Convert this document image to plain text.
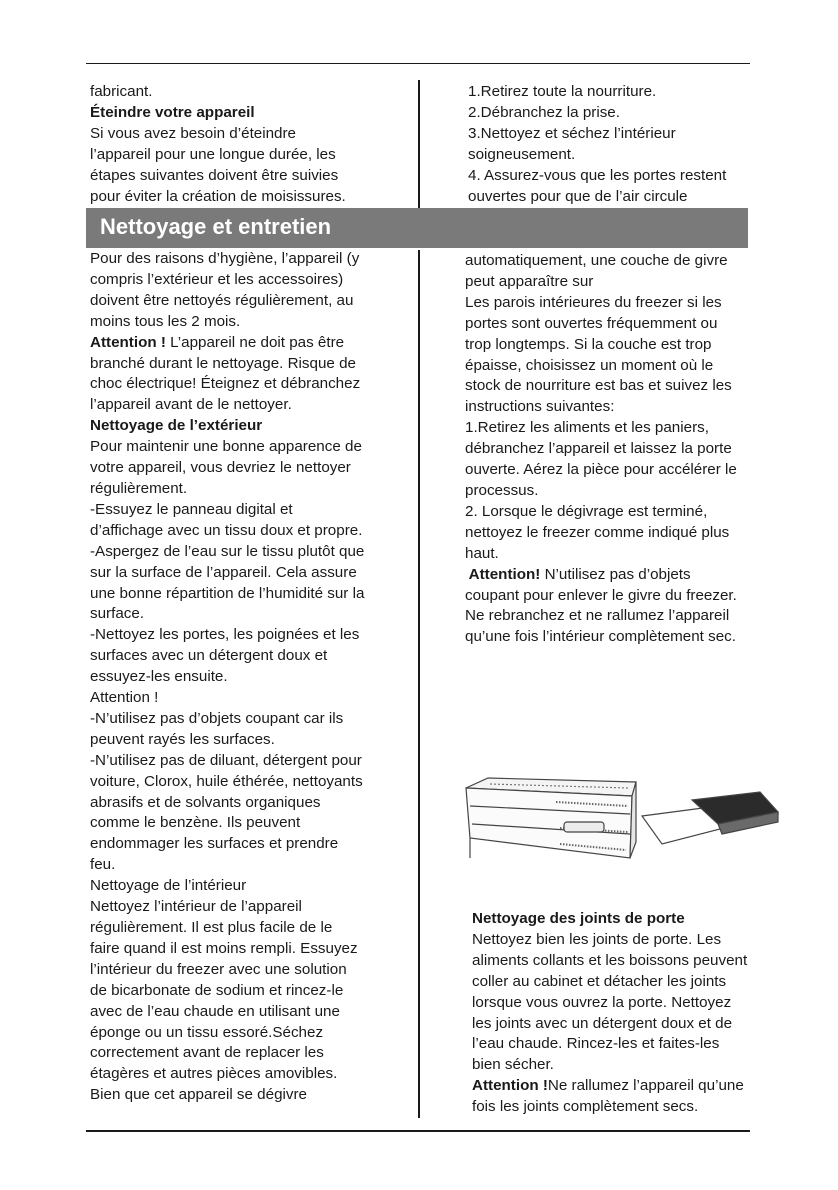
fabricant.
Éteindre votre appareil
Si vous avez besoin d’éteindre
l’appareil pour une longue durée, les
étapes suivantes doivent être suivies
pour éviter la création de moisissures.
1.Retirez toute la nourriture.
2.Débranchez la prise.
3.Nettoyez et séchez l’intérieur
soigneusement.
4. Assurez-vous que les portes restent
ouvertes pour que de l’air circule
Nettoyage et entretien
Pour des raisons d’hygiène, l’appareil (y
compris l’extérieur et les accessoires)
doivent être nettoyés régulièrement, au
moins tous les 2 mois.
Attention ! L’appareil ne doit pas être
branché durant le nettoyage. Risque de
choc électrique! Éteignez et débranchez
l’appareil avant de le nettoyer.
Nettoyage de l’extérieur
Pour maintenir une bonne apparence de
votre appareil, vous devriez le nettoyer
régulièrement.
-Essuyez le panneau digital et
d’affichage avec un tissu doux et propre.
-Aspergez de l’eau sur le tissu plutôt que
sur la surface de l’appareil. Cela assure
une bonne répartition de l’humidité sur la
surface.
-Nettoyez les portes, les poignées et les
surfaces avec un détergent doux et
essuyez-les ensuite.
Attention !
-N’utilisez pas d’objets coupant car ils
peuvent rayés les surfaces.
-N’utilisez pas de diluant, détergent pour
voiture, Clorox, huile éthérée, nettoyants
abrasifs et de solvants organiques
comme le benzène. Ils peuvent
endommager les surfaces et prendre
feu.
Nettoyage de l’intérieur
Nettoyez l’intérieur de l’appareil
régulièrement. Il est plus facile de le
faire quand il est moins rempli. Essuyez
l’intérieur du freezer avec une solution
de bicarbonate de sodium et rincez-le
avec de l’eau chaude en utilisant une
éponge ou un tissu essoré.Séchez
correctement avant de replacer les
étagères et autres pièces amovibles.
Bien que cet appareil se dégivre
automatiquement, une couche de givre
peut apparaître sur
Les parois intérieures du freezer si les
portes sont ouvertes fréquemment ou
trop longtemps. Si la couche est trop
épaisse, choisissez un moment où le
stock de nourriture est bas et suivez les
instructions suivantes:
1.Retirez les aliments et les paniers,
débranchez l’appareil et laissez la porte
ouverte. Aérez la pièce pour accélérer le
processus.
2. Lorsque le dégivrage est terminé,
nettoyez le freezer comme indiqué plus
haut.
Attention! N’utilisez pas d’objets
coupant pour enlever le givre du freezer.
Ne rebranchez et ne rallumez l’appareil
qu’une fois l’intérieur complètement sec.
Nettoyage des joints de porte
Nettoyez bien les joints de porte. Les
aliments collants et les boissons peuvent
coller au cabinet et détacher les joints
lorsque vous ouvrez la porte. Nettoyez
les joints avec un détergent doux et de
l’eau chaude. Rincez-les et faites-les
bien sécher.
Attention !Ne rallumez l’appareil qu’une
fois les joints complètement secs.
